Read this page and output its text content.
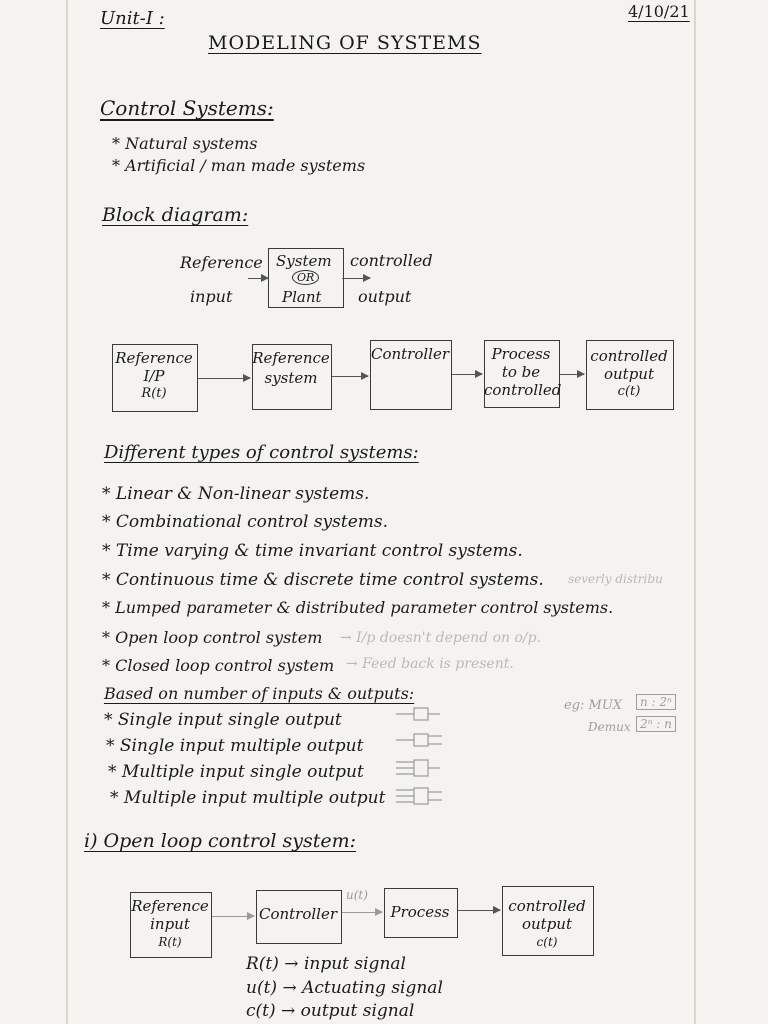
Unit-I :
MODELING OF SYSTEMS
4/10/21
Control Systems:
* Natural systems
* Artificial / man made systems
Block diagram:
Reference
input
System
OR
Plant
controlled
output
Reference
I/P
R(t)
Reference
system
Controller	Process
to be
controlled
controlled
output
c(t)
Different types of control systems:
* Linear & Non-linear systems.
* Combinational control systems.
* Time varying & time invariant control systems.
* Continuous time & discrete time control systems. severly distribu
* Lumped parameter & distributed parameter control systems.
* Open loop control system → I/p doesn't depend on o/p.
* Closed loop control system → Feed back is present.
Based on number of inputs & outputs:
* Single input single output
* Single input multiple output
* Multiple input single output
* Multiple input multiple output
eg: MUX	n : 2ⁿ
Demux 2ⁿ : n
i) Open loop control system:
Reference
input
R(t)
Controller
u(t)
Process	controlled
output
c(t)
R(t) → input signal
u(t) → Actuating signal
c(t) → output signal
